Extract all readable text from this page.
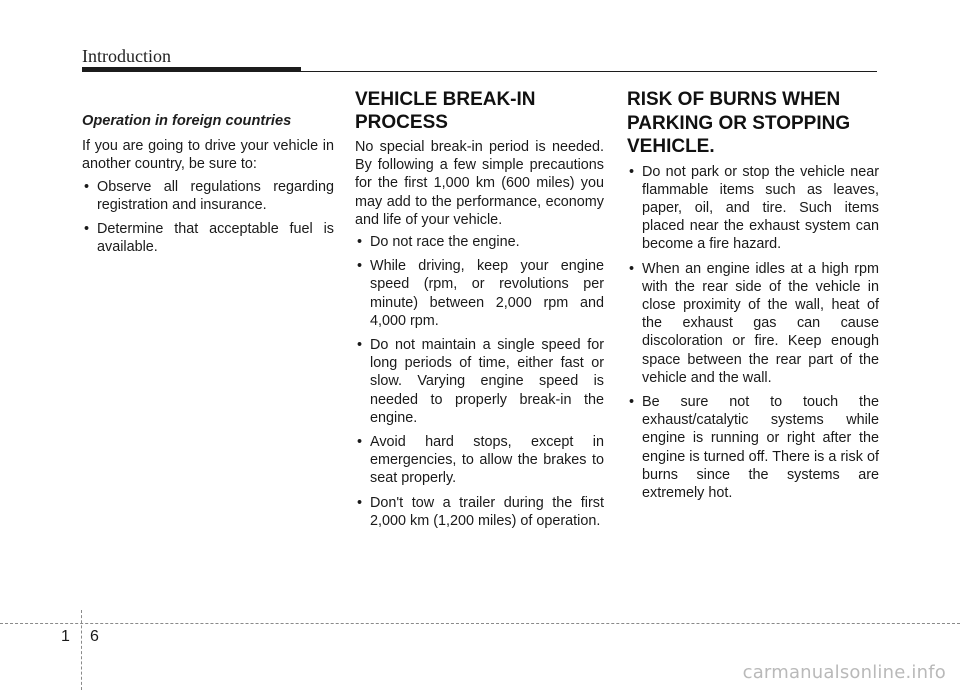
Introduction
Operation in foreign countries

If you are going to drive your vehicle in another country, be sure to:

• Observe all regulations regarding registration and insurance.
• Determine that acceptable fuel is available.
VEHICLE BREAK-IN PROCESS

No special break-in period is needed. By following a few simple precautions for the first 1,000 km (600 miles) you may add to the performance, economy and life of your vehicle.

• Do not race the engine.
• While driving, keep your engine speed (rpm, or revolutions per minute) between 2,000 rpm and 4,000 rpm.
• Do not maintain a single speed for long periods of time, either fast or slow. Varying engine speed is needed to properly break-in the engine.
• Avoid hard stops, except in emergencies, to allow the brakes to seat properly.
• Don't tow a trailer during the first 2,000 km (1,200 miles) of operation.
RISK OF BURNS WHEN PARKING OR STOPPING VEHICLE.
• Do not park or stop the vehicle near flammable items such as leaves, paper, oil, and tire. Such items placed near the exhaust system can become a fire hazard.
• When an engine idles at a high rpm with the rear side of the vehicle in close proximity of the wall, heat of the exhaust gas can cause discoloration or fire. Keep enough space between the rear part of the vehicle and the wall.
• Be sure not to touch the exhaust/catalytic systems while engine is running or right after the engine is turned off. There is a risk of burns since the systems are extremely hot.
1 6
carmanualsonline.info
